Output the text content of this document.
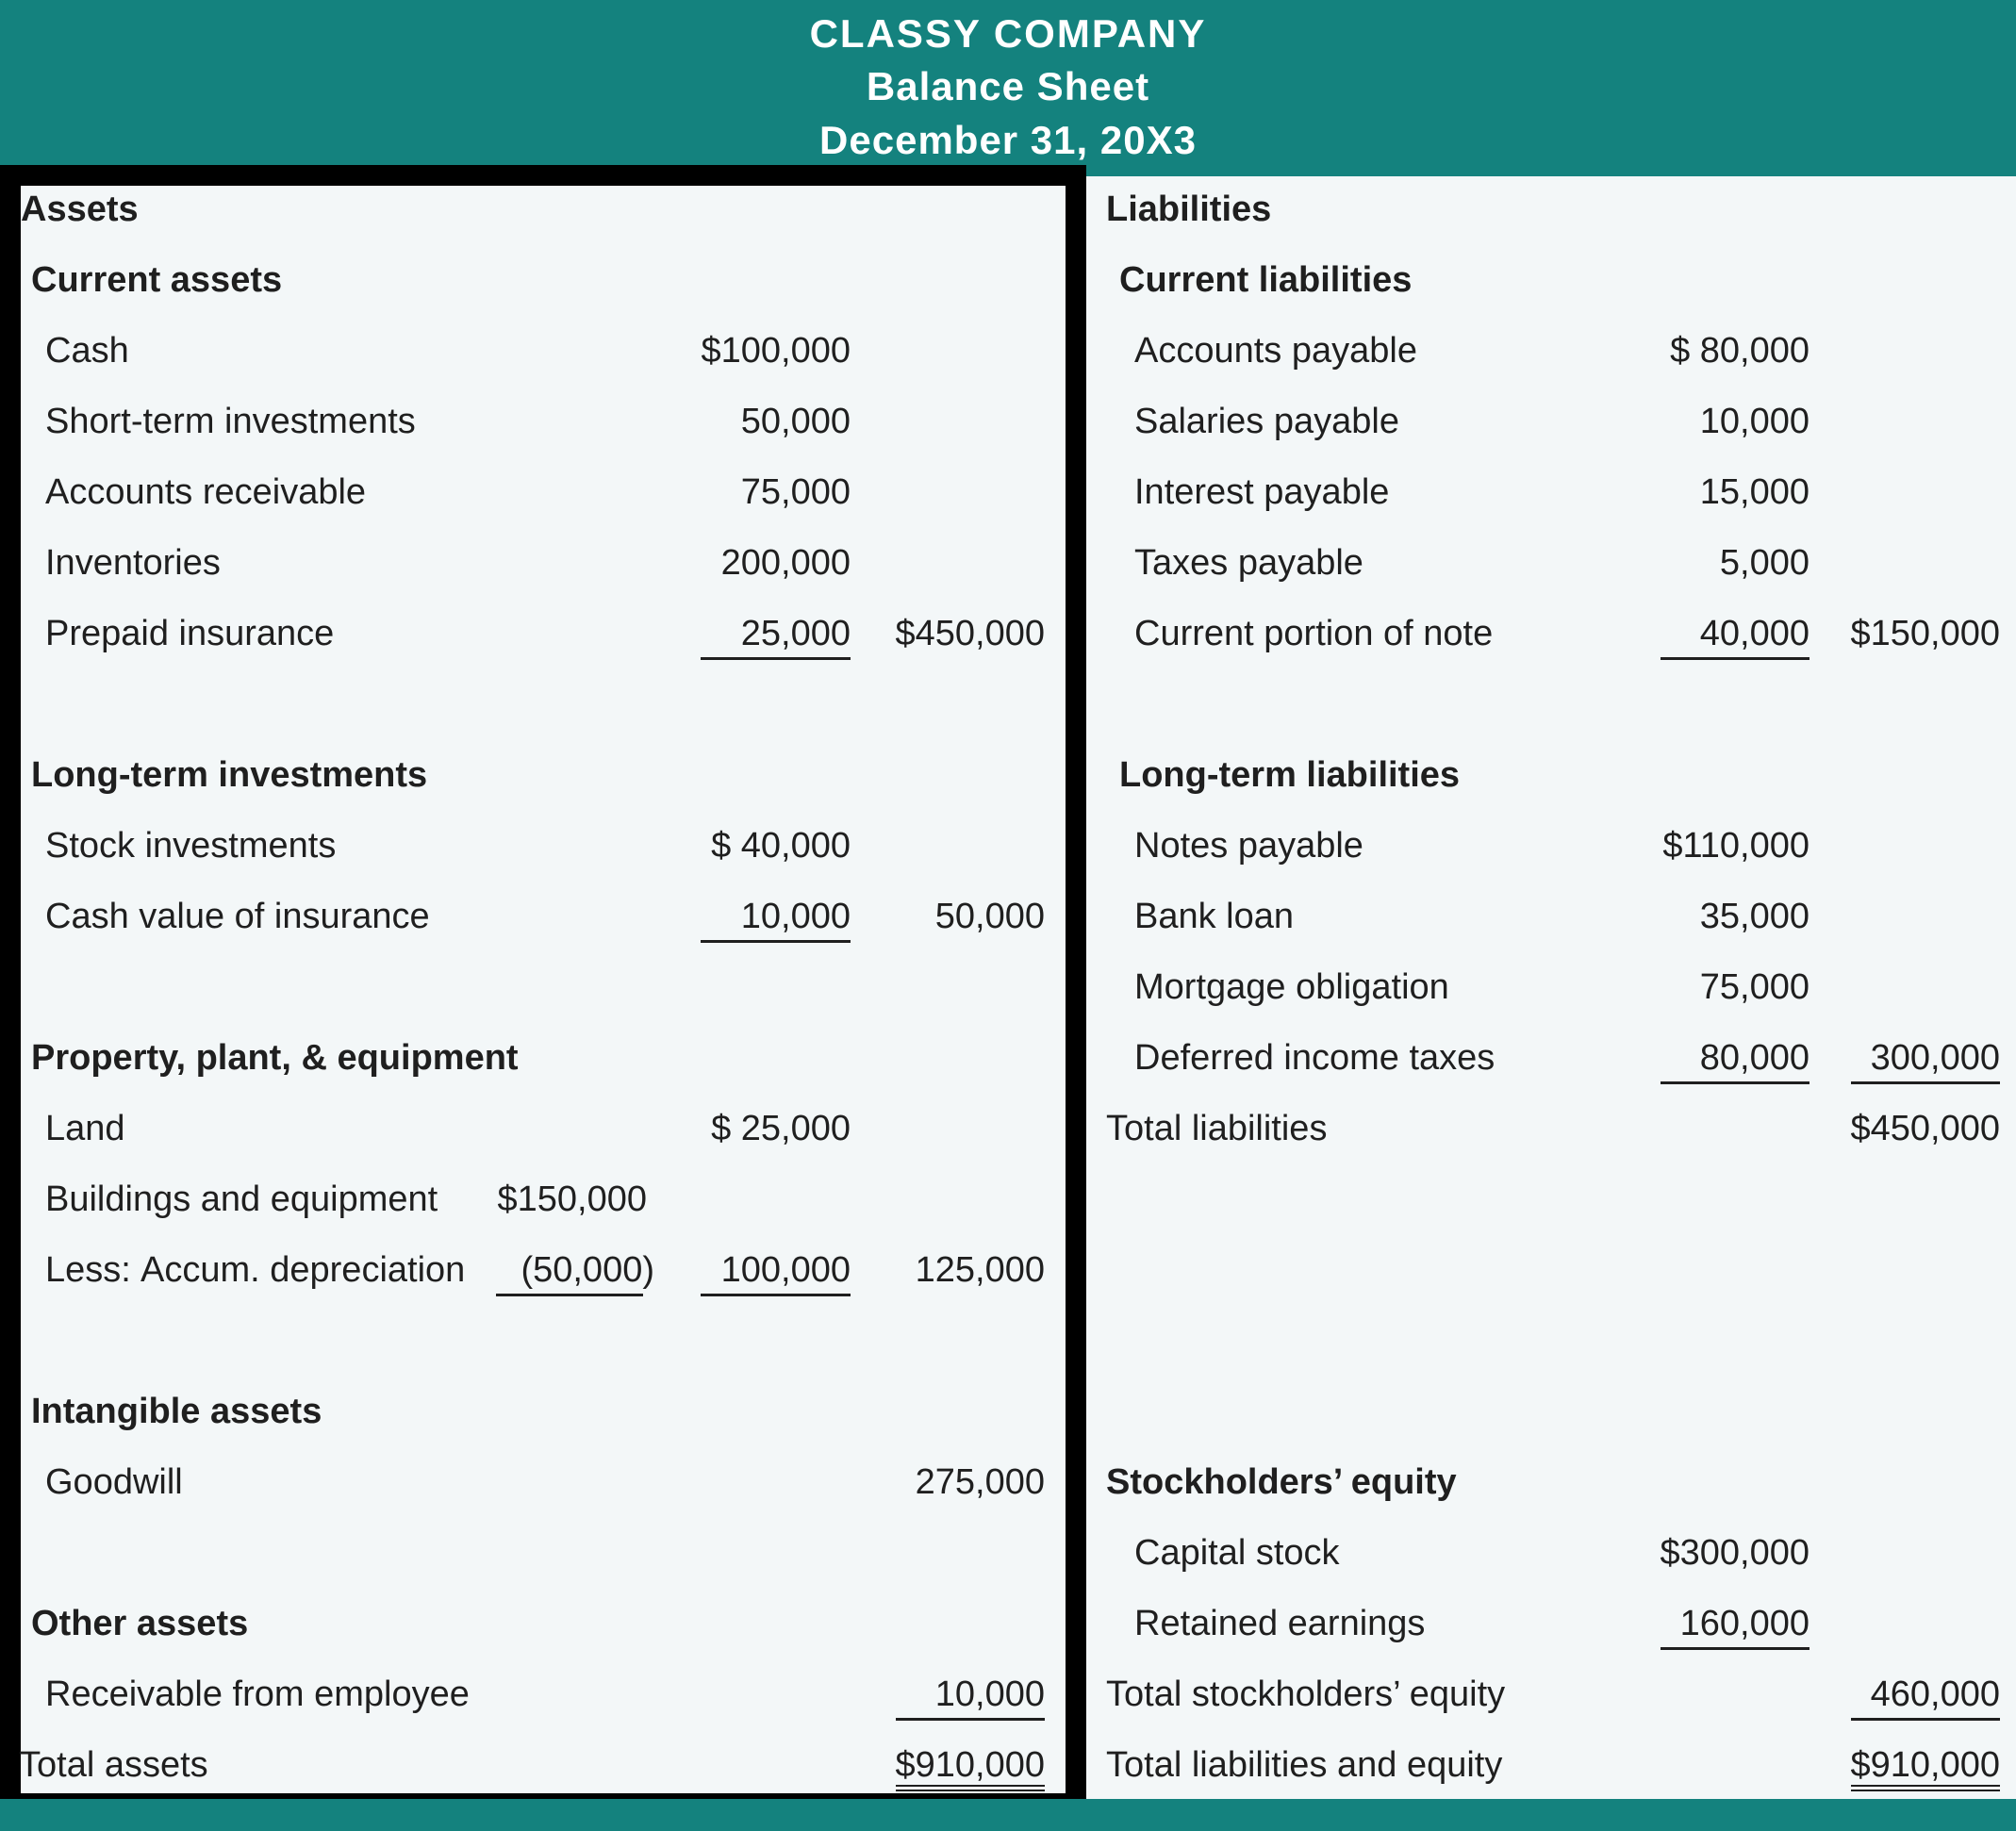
CLASSY COMPANY
Balance Sheet
December 31, 20X3
Assets
Current assets
Cash	$100,000
Short-term investments	50,000
Accounts receivable	75,000
Inventories	200,000
Prepaid insurance	25,000	$450,000
Long-term investments
Stock investments	$ 40,000
Cash value of insurance	10,000	50,000
Property, plant, & equipment
Land	$ 25,000
Buildings and equipment	$150,000
Less: Accum. depreciation	(50,000)	100,000	125,000
Intangible assets
Goodwill	275,000
Other assets
Receivable from employee	10,000
Total assets	$910,000
Liabilities
Current liabilities
Accounts payable	$ 80,000
Salaries payable	10,000
Interest payable	15,000
Taxes payable	5,000
Current portion of note	40,000	$150,000
Long-term liabilities
Notes payable	$110,000
Bank loan	35,000
Mortgage obligation	75,000
Deferred income taxes	80,000	300,000
Total liabilities	$450,000
Stockholders’ equity
Capital stock	$300,000
Retained earnings	160,000
Total stockholders’ equity	460,000
Total liabilities and equity	$910,000
